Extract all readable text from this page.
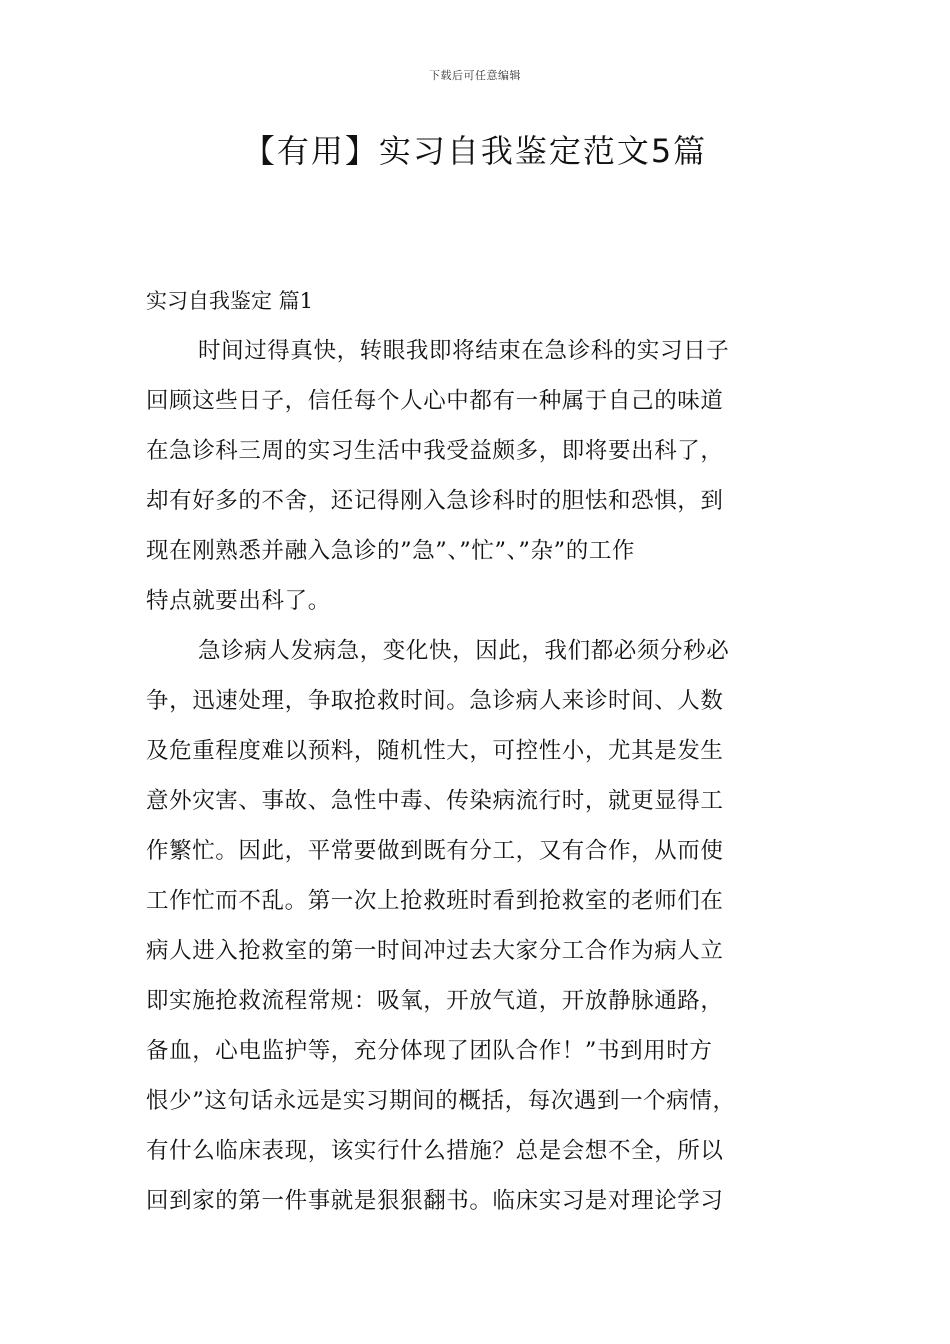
下载后可任意编辑
【有用】实习自我鉴定范文5篇
实习自我鉴定 篇1
时间过得真快，转眼我即将结束在急诊科的实习日子
回顾这些日子，信任每个人心中都有一种属于自己的味道
在急诊科三周的实习生活中我受益颇多，即将要出科了，
却有好多的不舍，还记得刚入急诊科时的胆怯和恐惧，到
现在刚熟悉并融入急诊的”急”、”忙”、”杂”的工作
特点就要出科了。
急诊病人发病急，变化快，因此，我们都必须分秒必
争，迅速处理，争取抢救时间。急诊病人来诊时间、人数
及危重程度难以预料，随机性大，可控性小，尤其是发生
意外灾害、事故、急性中毒、传染病流行时，就更显得工
作繁忙。因此，平常要做到既有分工，又有合作，从而使
工作忙而不乱。第一次上抢救班时看到抢救室的老师们在
病人进入抢救室的第一时间冲过去大家分工合作为病人立
即实施抢救流程常规：吸氧，开放气道，开放静脉通路，
备血，心电监护等，充分体现了团队合作！”书到用时方
恨少”这句话永远是实习期间的概括，每次遇到一个病情，
有什么临床表现，该实行什么措施？总是会想不全，所以
回到家的第一件事就是狠狠翻书。临床实习是对理论学习
